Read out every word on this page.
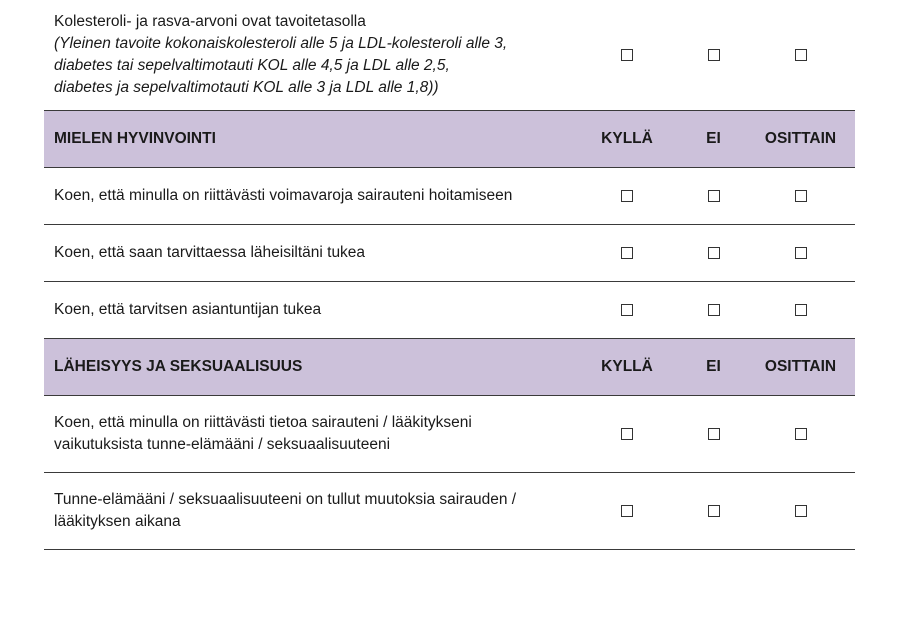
Kolesteroli- ja rasva-arvoni ovat tavoitetasolla
(Yleinen tavoite kokonaiskolesteroli alle 5 ja LDL-kolesteroli alle 3,
diabetes tai sepelvaltimotauti KOL alle 4,5 ja LDL alle 2,5,
diabetes ja sepelvaltimotauti KOL alle 3 ja LDL alle 1,8))
MIELEN HYVINVOINTI	KYLLÄ	EI	OSITTAIN
Koen, että minulla on riittävästi voimavaroja sairauteni hoitamiseen
Koen, että saan tarvittaessa läheisiltäni tukea
Koen, että tarvitsen asiantuntijan tukea
LÄHEISYYS JA SEKSUAALISUUS	KYLLÄ	EI	OSITTAIN
Koen, että minulla on riittävästi tietoa sairauteni / lääkitykseni
vaikutuksista tunne-elämääni / seksuaalisuuteeni
Tunne-elämääni / seksuaalisuuteeni on tullut muutoksia sairauden /
lääkityksen aikana
